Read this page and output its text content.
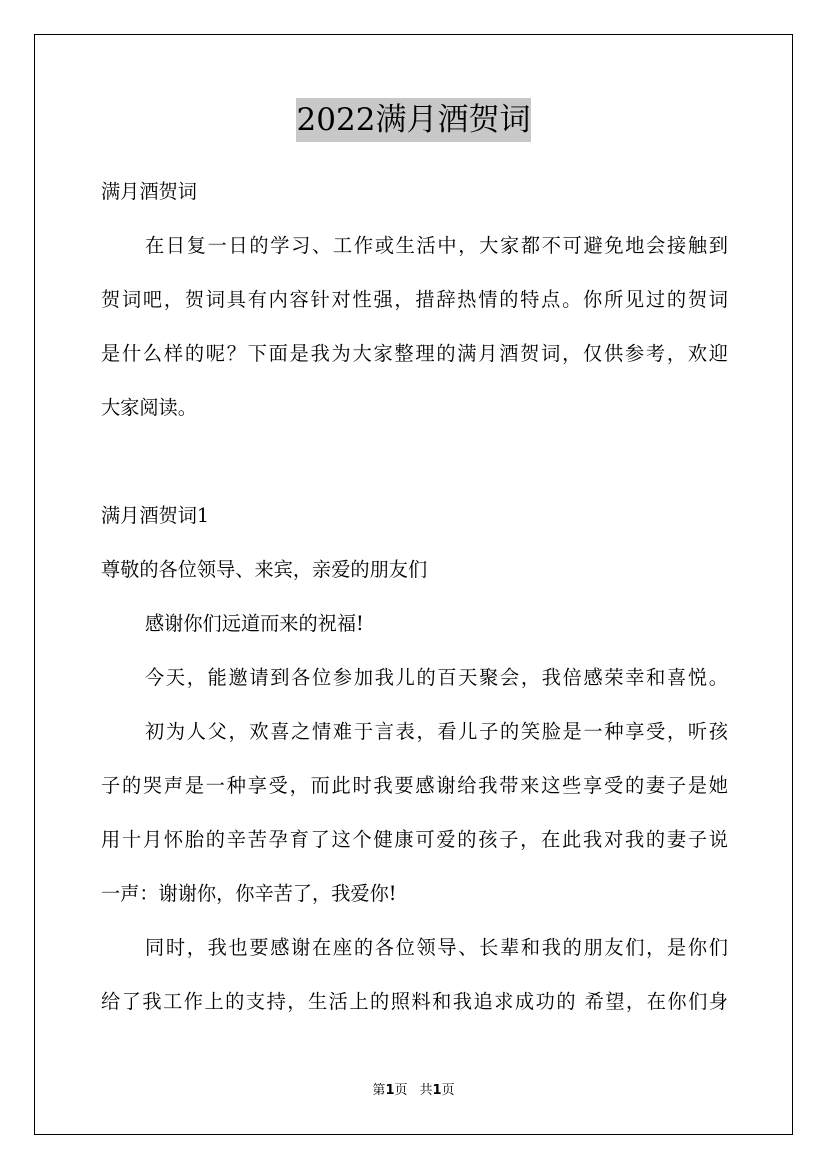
2022满月酒贺词
满月酒贺词
在日复一日的学习、工作或生活中，大家都不可避免地会接触到
贺词吧，贺词具有内容针对性强，措辞热情的特点。你所见过的贺词
是什么样的呢？下面是我为大家整理的满月酒贺词，仅供参考，欢迎
大家阅读。
满月酒贺词1
尊敬的各位领导、来宾，亲爱的朋友们
感谢你们远道而来的祝福!
今天，能邀请到各位参加我儿的百天聚会，我倍感荣幸和喜悦。
初为人父，欢喜之情难于言表，看儿子的笑脸是一种享受，听孩
子的哭声是一种享受，而此时我要感谢给我带来这些享受的妻子是她
用十月怀胎的辛苦孕育了这个健康可爱的孩子，在此我对我的妻子说
一声：谢谢你，你辛苦了，我爱你!
同时，我也要感谢在座的各位领导、长辈和我的朋友们，是你们
给了我工作上的支持，生活上的照料和我追求成功的 希望，在你们身
第1页 共1页
